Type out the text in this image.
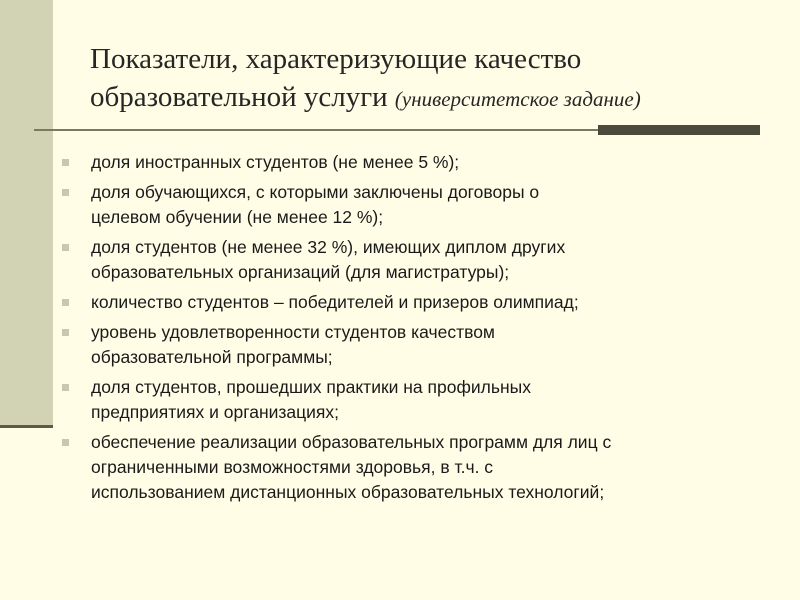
Показатели, характеризующие качество
образовательной услуги (университетское задание)
доля иностранных студентов (не менее 5 %);
доля обучающихся, с которыми заключены договоры о
целевом обучении (не менее 12 %);
доля студентов (не менее 32 %), имеющих диплом других
образовательных организаций (для магистратуры);
количество студентов – победителей и призеров олимпиад;
уровень удовлетворенности студентов качеством
образовательной программы;
доля студентов, прошедших практики на профильных
предприятиях и организациях;
обеспечение реализации образовательных программ для лиц с
ограниченными возможностями здоровья, в т.ч. с
использованием дистанционных образовательных технологий;
